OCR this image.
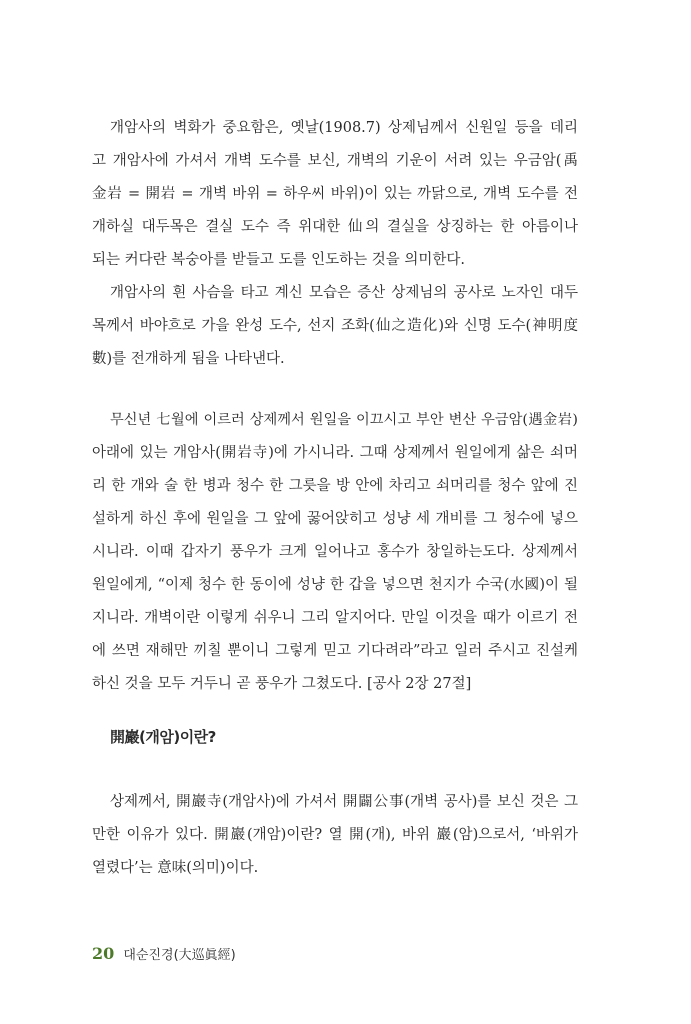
개암사의 벽화가 중요함은, 옛날(1908.7) 상제님께서 신원일 등을 데리
고 개암사에 가셔서 개벽 도수를 보신, 개벽의 기운이 서려 있는 우금암(禹
金岩 = 開岩 = 개벽 바위 = 하우씨 바위)이 있는 까닭으로, 개벽 도수를 전
개하실 대두목은 결실 도수 즉 위대한 仙의 결실을 상징하는 한 아름이나
되는 커다란 복숭아를 받들고 도를 인도하는 것을 의미한다.
개암사의 흰 사슴을 타고 계신 모습은 증산 상제님의 공사로 노자인 대두
목께서 바야흐로 가을 완성 도수, 선지 조화(仙之造化)와 신명 도수(神明度
數)를 전개하게 됨을 나타낸다.
무신년 七월에 이르러 상제께서 원일을 이끄시고 부안 변산 우금암(遇金岩)
아래에 있는 개암사(開岩寺)에 가시니라. 그때 상제께서 원일에게 삶은 쇠머
리 한 개와 술 한 병과 청수 한 그릇을 방 안에 차리고 쇠머리를 청수 앞에 진
설하게 하신 후에 원일을 그 앞에 꿇어앉히고 성냥 세 개비를 그 청수에 넣으
시니라. 이때 갑자기 풍우가 크게 일어나고 홍수가 창일하는도다. 상제께서
원일에게, “이제 청수 한 동이에 성냥 한 갑을 넣으면 천지가 수국(水國)이 될
지니라. 개벽이란 이렇게 쉬우니 그리 알지어다. 만일 이것을 때가 이르기 전
에 쓰면 재해만 끼칠 뿐이니 그렇게 믿고 기다려라”라고 일러 주시고 진설케
하신 것을 모두 거두니 곧 풍우가 그쳤도다. [공사 2장 27절]
開巖(개암)이란?
상제께서, 開巖寺(개암사)에 가셔서 開闢公事(개벽 공사)를 보신 것은 그
만한 이유가 있다. 開巖(개암)이란? 열 開(개), 바위 巖(암)으로서, ‘바위가
열렸다’는 意味(의미)이다.
20 대순진경(大巡眞經)
